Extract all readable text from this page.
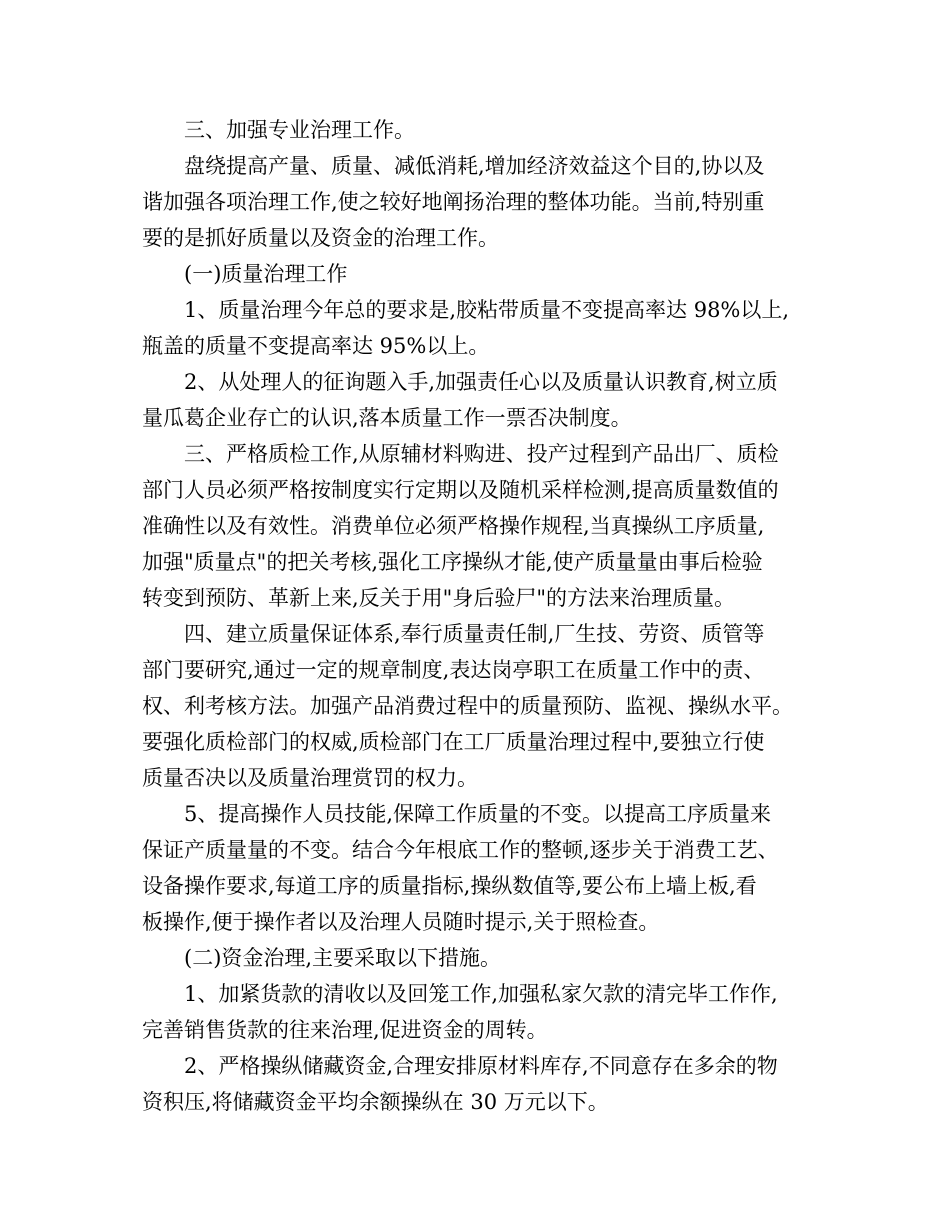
三、加强专业治理工作。

盘绕提高产量、质量、减低消耗,增加经济效益这个目的,协以及

谐加强各项治理工作,使之较好地阐扬治理的整体功能。当前,特别重

要的是抓好质量以及资金的治理工作。

(一)质量治理工作

1、质量治理今年总的要求是,胶粘带质量不变提高率达 98%以上,

瓶盖的质量不变提高率达 95%以上。

2、从处理人的征询题入手,加强责任心以及质量认识教育,树立质

量瓜葛企业存亡的认识,落本质量工作一票否决制度。

三、严格质检工作,从原辅材料购进、投产过程到产品出厂、质检

部门人员必须严格按制度实行定期以及随机采样检测,提高质量数值的

准确性以及有效性。消费单位必须严格操作规程,当真操纵工序质量,

加强"质量点"的把关考核,强化工序操纵才能,使产质量量由事后检验

转变到预防、革新上来,反关于用"身后验尸"的方法来治理质量。

四、建立质量保证体系,奉行质量责任制,厂生技、劳资、质管等

部门要研究,通过一定的规章制度,表达岗亭职工在质量工作中的责、

权、利考核方法。加强产品消费过程中的质量预防、监视、操纵水平。

要强化质检部门的权威,质检部门在工厂质量治理过程中,要独立行使

质量否决以及质量治理赏罚的权力。

5、提高操作人员技能,保障工作质量的不变。以提高工序质量来

保证产质量量的不变。结合今年根底工作的整顿,逐步关于消费工艺、

设备操作要求,每道工序的质量指标,操纵数值等,要公布上墙上板,看

板操作,便于操作者以及治理人员随时提示,关于照检查。

(二)资金治理,主要采取以下措施。

1、加紧货款的清收以及回笼工作,加强私家欠款的清完毕工作作,

完善销售货款的往来治理,促进资金的周转。

2、严格操纵储藏资金,合理安排原材料库存,不同意存在多余的物

资积压,将储藏资金平均余额操纵在 30 万元以下。
